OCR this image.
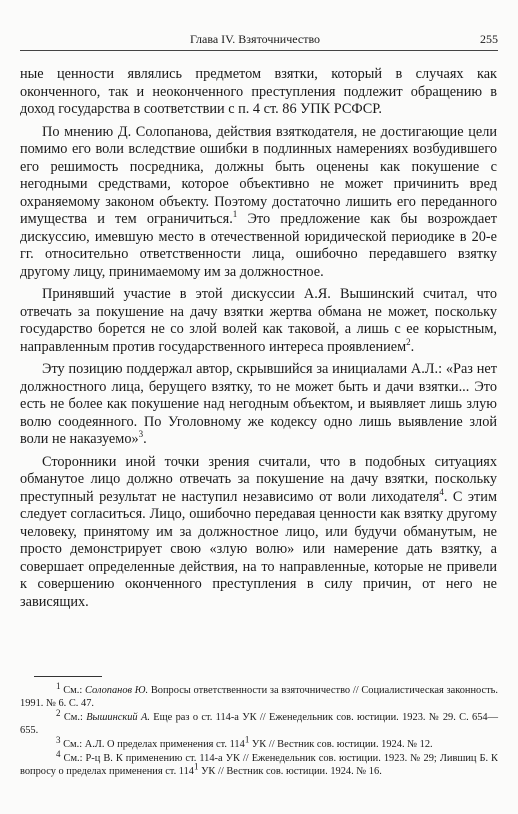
Глава IV. Взяточничество	255

ные ценности являлись предметом взятки, который в случаях как оконченного, так и неоконченного преступления подлежит обращению в доход государства в соответствии с п. 4 ст. 86 УПК РСФСР.

По мнению Д. Солопанова, действия взяткодателя, не достигающие цели помимо его воли вследствие ошибки в подлинных намерениях возбудившего его решимость посредника, должны быть оценены как покушение с негодными средствами, которое объективно не может причинить вред охраняемому законом объекту. Поэтому достаточно лишить его переданного имущества и тем ограничиться.$^1$ Это предложение как бы возрождает дискуссию, имевшую место в отечественной юридической периодике в 20-е гг. относительно ответственности лица, ошибочно передавшего взятку другому лицу, принимаемому им за должностное.

Принявший участие в этой дискуссии А.Я. Вышинский считал, что отвечать за покушение на дачу взятки жертва обмана не может, поскольку государство борется не со злой волей как таковой, а лишь с ее корыстным, направленным против государственного интереса проявлением$^2$.

Эту позицию поддержал автор, скрывшийся за инициалами А.Л.: «Раз нет должностного лица, берущего взятку, то не может быть и дачи взятки... Это есть не более как покушение над негодным объектом, и выявляет лишь злую волю соодеянного. По Уголовному же кодексу одно лишь выявление злой воли не наказуемо»$^3$.

Сторонники иной точки зрения считали, что в подобных ситуациях обманутое лицо должно отвечать за покушение на дачу взятки, поскольку преступный результат не наступил независимо от воли лиходателя$^4$. С этим следует согласиться. Лицо, ошибочно передавая ценности как взятку другому человеку, принятому им за должностное лицо, или будучи обманутым, не просто демонстрирует свою «злую волю» или намерение дать взятку, а совершает определенные действия, на то направленные, которые не привели к совершению оконченного преступления в силу причин, от него не зависящих.

$^1$ См.: Солопанов Ю. Вопросы ответственности за взяточничество // Социалистическая законность. 1991. № 6. С. 47.

$^2$ См.: Вышинский А. Еще раз о ст. 114-а УК // Еженедельник сов. юстиции. 1923. № 29. С. 654—655.

$^3$ См.: А.Л. О пределах применения ст. $114^1$ УК // Вестник сов. юстиции. 1924. № 12.

$^4$ См.: Р-ц В. К применению ст. 114-а УК // Еженедельник сов. юстиции. 1923. № 29; Лившиц Б. К вопросу о пределах применения ст. $114^1$ УК // Вестник сов. юстиции. 1924. № 16.
